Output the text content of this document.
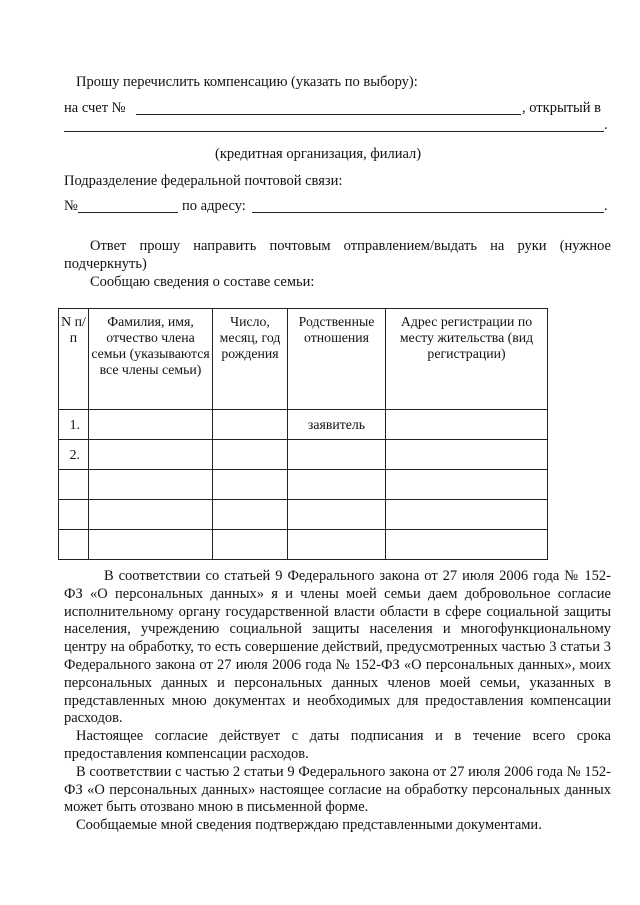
Прошу перечислить компенсацию (указать по выбору):
на счет №	, открытый в
.
(кредитная организация, филиал)
Подразделение федеральной почтовой связи:
№	по адресу:	.

Ответ прошу направить почтовым отправлением/выдать на руки (нужное

подчеркнуть)

Сообщаю сведения о составе семьи:
N п/п	Фамилия, имя, отчество члена семьи (указываются все члены семьи)	Число, месяц, год рождения	Родственные отношения	Адрес регистрации по месту жительства (вид регистрации)
1.			заявитель	
2.				

В соответствии со статьей 9 Федерального закона от 27 июля 2006 года № 152-ФЗ «О персональных данных» я и члены моей семьи даем добровольное согласие исполнительному органу государственной власти области в сфере социальной защиты населения, учреждению социальной защиты населения и многофункциональному центру на обработку, то есть совершение действий, предусмотренных частью 3 статьи 3 Федерального закона от 27 июля 2006 года № 152-ФЗ «О персональных данных», моих персональных данных и персональных данных членов моей семьи, указанных в представленных мною документах и необходимых для предоставления компенсации расходов.

Настоящее согласие действует с даты подписания и в течение всего срока предоставления компенсации расходов.

В соответствии с частью 2 статьи 9 Федерального закона от 27 июля 2006 года № 152-ФЗ «О персональных данных» настоящее согласие на обработку персональных данных может быть отозвано мною в письменной форме.

Сообщаемые мной сведения подтверждаю представленными документами.
